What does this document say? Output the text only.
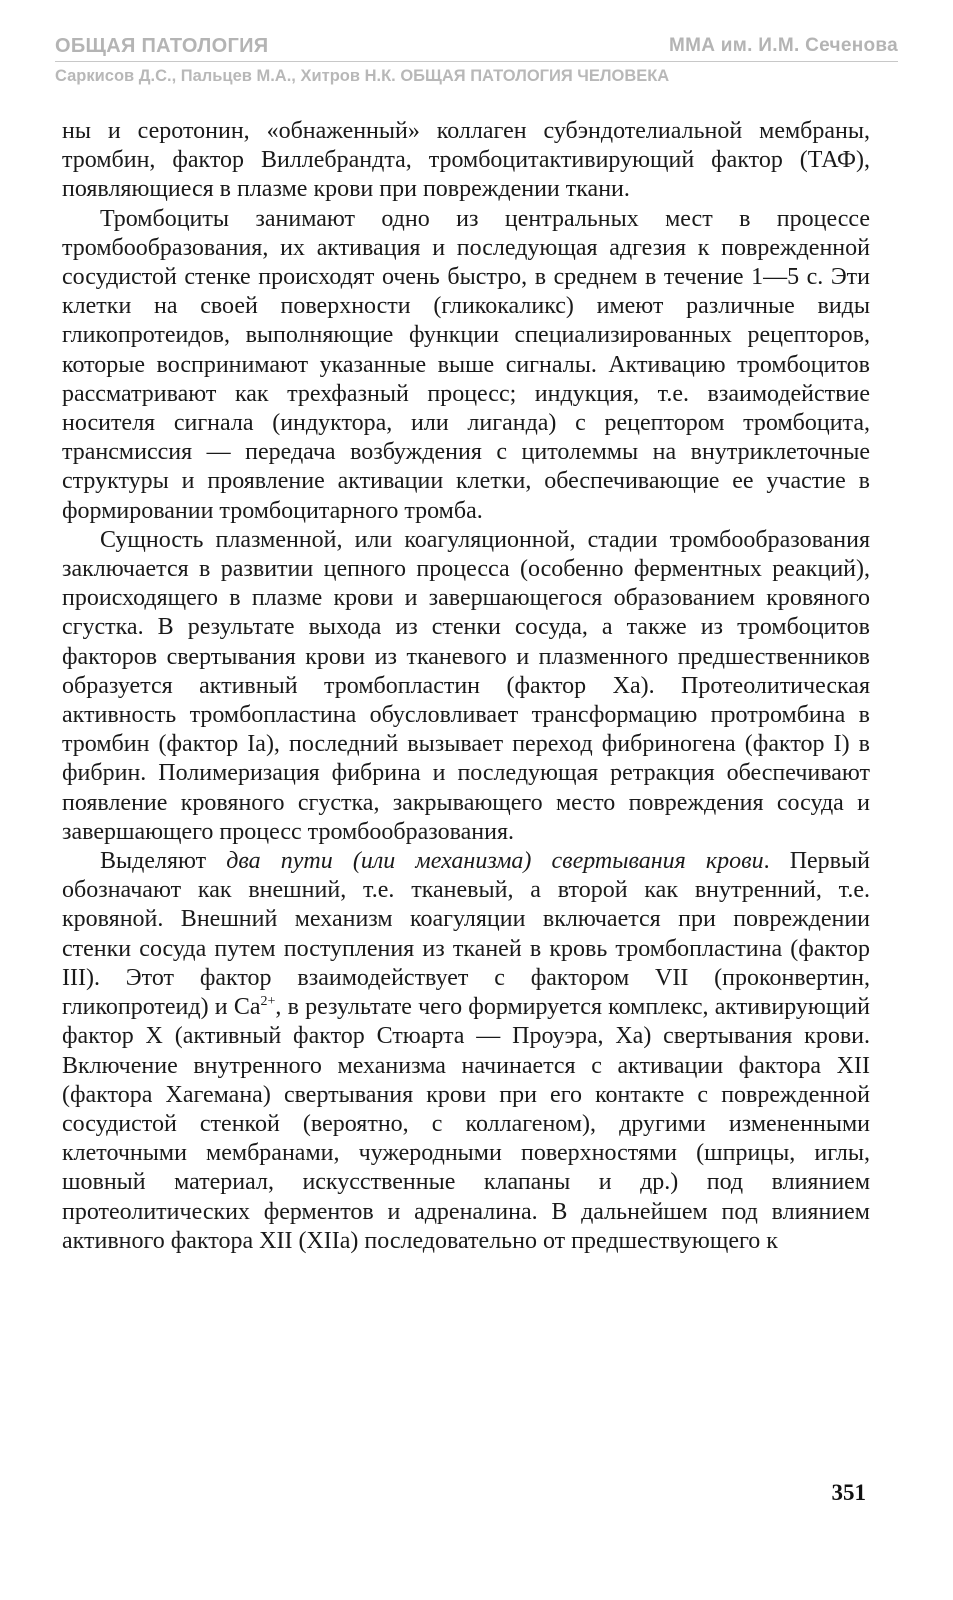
ОБЩАЯ ПАТОЛОГИЯ	ММА им. И.М. Сеченова
Саркисов Д.С., Пальцев М.А., Хитров Н.К. ОБЩАЯ ПАТОЛОГИЯ ЧЕЛОВЕКА

ны и серотонин, «обнаженный» коллаген субэндотелиальной мембраны, тромбин, фактор Виллебрандта, тромбоцитактивирующий фактор (ТАФ), появляющиеся в плазме крови при повреждении ткани.

Тромбоциты занимают одно из центральных мест в процессе тромбообразования, их активация и последующая адгезия к поврежденной сосудистой стенке происходят очень быстро, в среднем в течение 1—5 с. Эти клетки на своей поверхности (гликокаликс) имеют различные виды гликопротеидов, выполняющие функции специализированных рецепторов, которые воспринимают указанные выше сигналы. Активацию тромбоцитов рассматривают как трехфазный процесс; индукция, т.е. взаимодействие носителя сигнала (индуктора, или лиганда) с рецептором тромбоцита, трансмиссия — передача возбуждения с цитолеммы на внутриклеточные структуры и проявление активации клетки, обеспечивающие ее участие в формировании тромбоцитарного тромба.

Сущность плазменной, или коагуляционной, стадии тромбообразования заключается в развитии цепного процесса (особенно ферментных реакций), происходящего в плазме крови и завершающегося образованием кровяного сгустка. В результате выхода из стенки сосуда, а также из тромбоцитов факторов свертывания крови из тканевого и плазменного предшественников образуется активный тромбопластин (фактор Ха). Протеолитическая активность тромбопластина обусловливает трансформацию протромбина в тромбин (фактор Iа), последний вызывает переход фибриногена (фактор I) в фибрин. Полимеризация фибрина и последующая ретракция обеспечивают появление кровяного сгустка, закрывающего место повреждения сосуда и завершающего процесс тромбообразования.

Выделяют два пути (или механизма) свертывания крови. Первый обозначают как внешний, т.е. тканевый, а второй как внутренний, т.е. кровяной. Внешний механизм коагуляции включается при повреждении стенки сосуда путем поступления из тканей в кровь тромбопластина (фактор III). Этот фактор взаимодействует с фактором VII (проконвертин, гликопротеид) и $Са^{2+}$, в результате чего формируется комплекс, активирующий фактор X (активный фактор Стюарта — Проуэра, Ха) свертывания крови. Включение внутренного механизма начинается с активации фактора XII (фактора Хагемана) свертывания крови при его контакте с поврежденной сосудистой стенкой (вероятно, с коллагеном), другими измененными клеточными мембранами, чужеродными поверхностями (шприцы, иглы, шовный материал, искусственные клапаны и др.) под влиянием протеолитических ферментов и адреналина. В дальнейшем под влиянием активного фактора XII (XIIa) последовательно от предшествующего к

351
